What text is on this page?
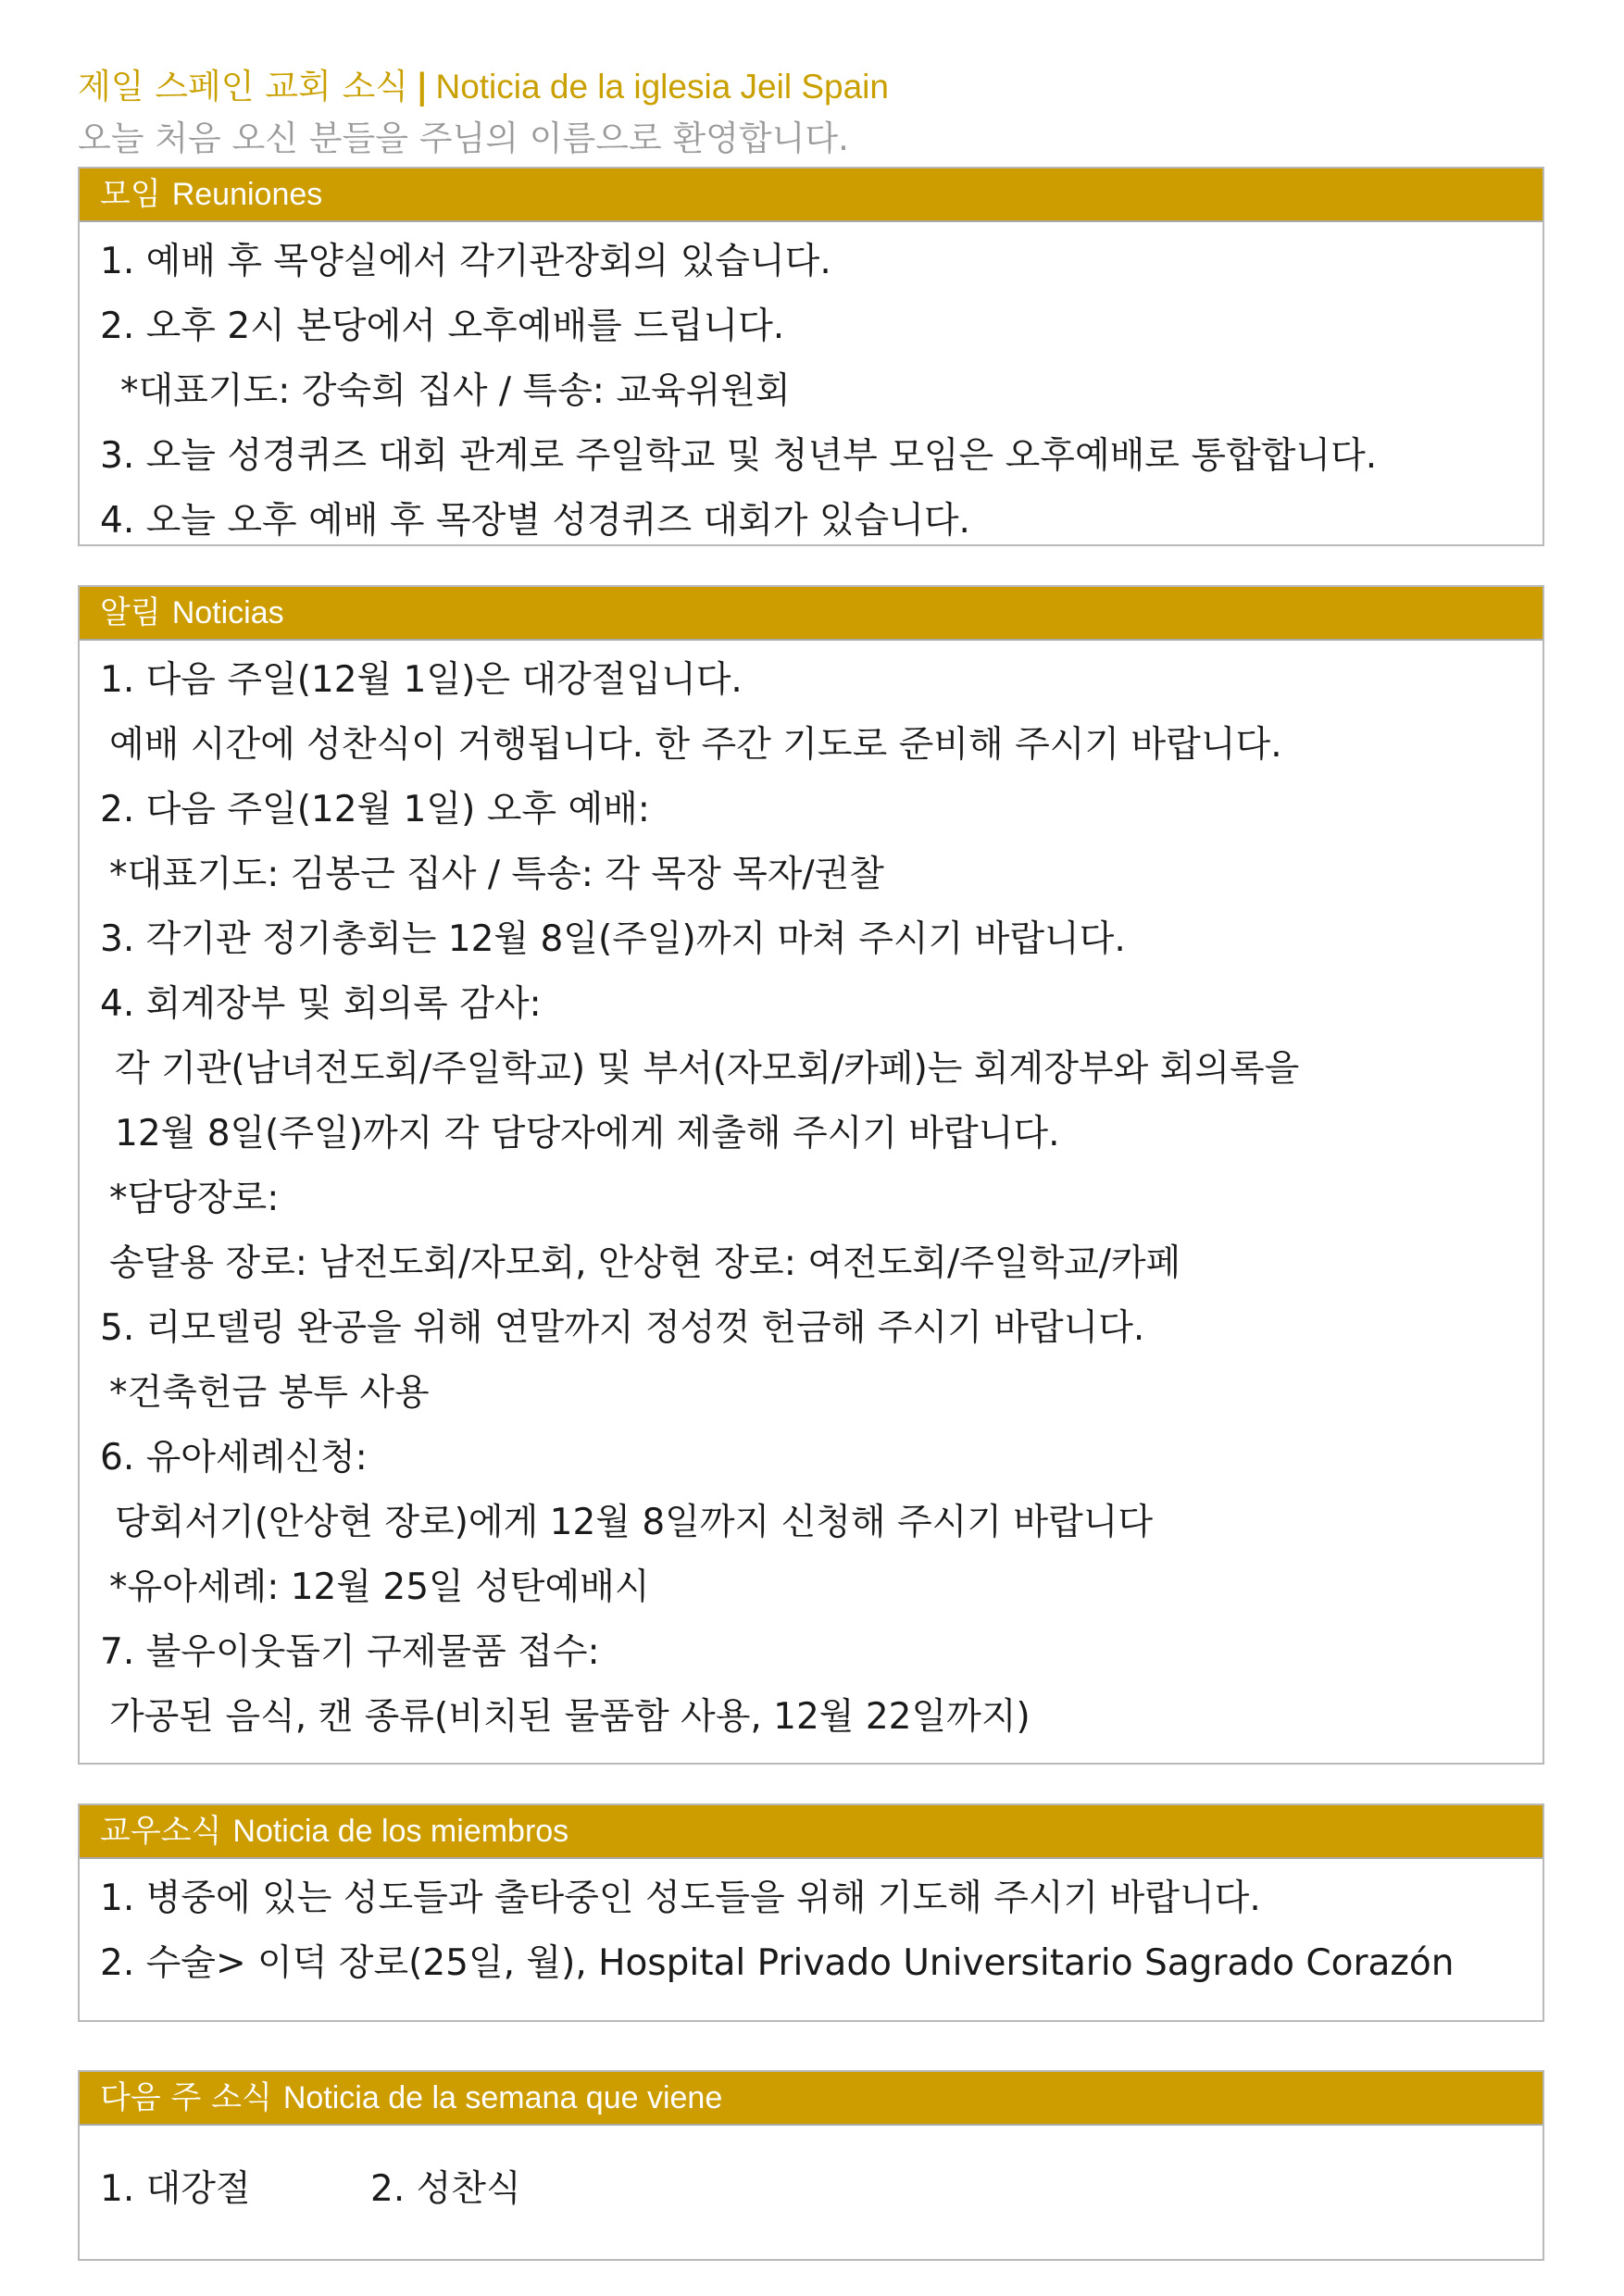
제일 스페인 교회 소식 | Noticia de la iglesia Jeil Spain
오늘 처음 오신 분들을 주님의 이름으로 환영합니다.
모임 Reuniones
1. 예배 후 목양실에서 각기관장회의 있습니다.
2. 오후 2시 본당에서 오후예배를 드립니다.
*대표기도: 강숙희 집사 / 특송: 교육위원회
3. 오늘 성경퀴즈 대회 관계로 주일학교 및 청년부 모임은 오후예배로 통합합니다.
4. 오늘 오후 예배 후 목장별 성경퀴즈 대회가 있습니다.
알림 Noticias
1. 다음 주일(12월 1일)은 대강절입니다.
예배 시간에 성찬식이 거행됩니다. 한 주간 기도로 준비해 주시기 바랍니다.
2. 다음 주일(12월 1일) 오후 예배:
*대표기도: 김봉근 집사 / 특송: 각 목장 목자/권찰
3. 각기관 정기총회는 12월 8일(주일)까지 마쳐 주시기 바랍니다.
4. 회계장부 및 회의록 감사:
각 기관(남녀전도회/주일학교) 및 부서(자모회/카페)는 회계장부와 회의록을
12월 8일(주일)까지 각 담당자에게 제출해 주시기 바랍니다.
*담당장로:
송달용 장로: 남전도회/자모회, 안상현 장로: 여전도회/주일학교/카페
5. 리모델링 완공을 위해 연말까지 정성껏 헌금해 주시기 바랍니다.
*건축헌금 봉투 사용
6. 유아세례신청:
당회서기(안상현 장로)에게 12월 8일까지 신청해 주시기 바랍니다
*유아세례: 12월 25일 성탄예배시
7. 불우이웃돕기 구제물품 접수:
가공된 음식, 캔 종류(비치된 물품함 사용, 12월 22일까지)
교우소식 Noticia de los miembros
1. 병중에 있는 성도들과 출타중인 성도들을 위해 기도해 주시기 바랍니다.
2. 수술> 이덕 장로(25일, 월), Hospital Privado Universitario Sagrado Corazón
다음 주 소식 Noticia de la semana que viene
1. 대강절	2. 성찬식
